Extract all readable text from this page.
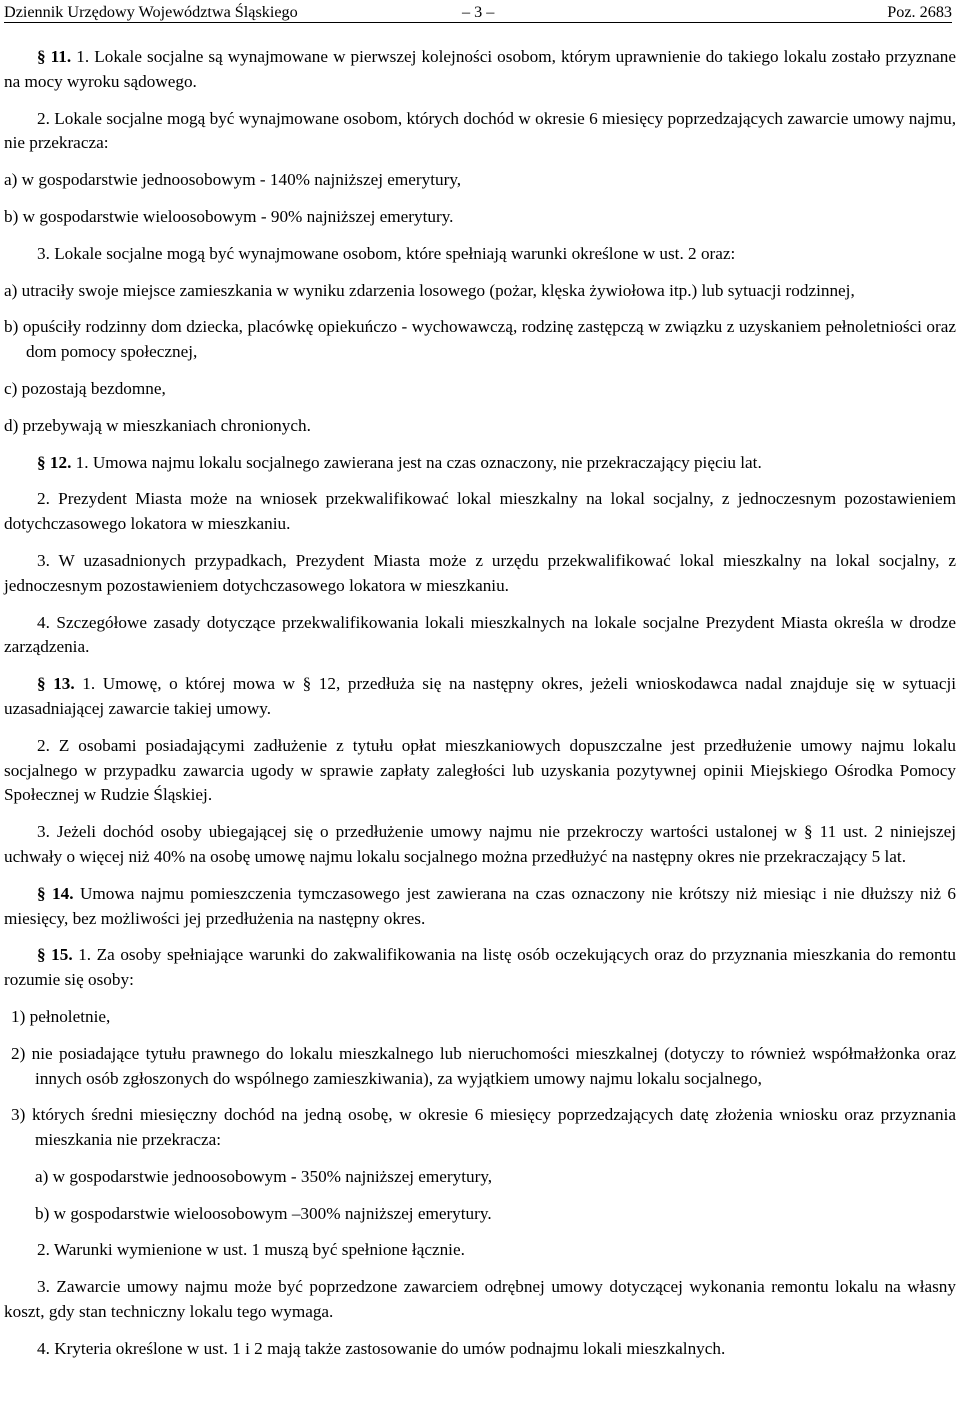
Dziennik Urzędowy Województwa Śląskiego	– 3 –	Poz. 2683

§ 11. 1. Lokale socjalne są wynajmowane w pierwszej kolejności osobom, którym uprawnienie do takiego lokalu zostało przyznane na mocy wyroku sądowego.

2. Lokale socjalne mogą być wynajmowane osobom, których dochód w okresie 6 miesięcy poprzedzających zawarcie umowy najmu, nie przekracza:

a) w gospodarstwie jednoosobowym - 140% najniższej emerytury,

b) w gospodarstwie wieloosobowym - 90% najniższej emerytury.

3. Lokale socjalne mogą być wynajmowane osobom, które spełniają warunki określone w ust. 2 oraz:

a) utraciły swoje miejsce zamieszkania w wyniku zdarzenia losowego (pożar, klęska żywiołowa itp.) lub sytuacji rodzinnej,

b) opuściły rodzinny dom dziecka, placówkę opiekuńczo - wychowawczą, rodzinę zastępczą w związku z uzyskaniem pełnoletniości oraz dom pomocy społecznej,

c) pozostają bezdomne,

d) przebywają w mieszkaniach chronionych.

§ 12. 1. Umowa najmu lokalu socjalnego zawierana jest na czas oznaczony, nie przekraczający pięciu lat.

2. Prezydent Miasta może na wniosek przekwalifikować lokal mieszkalny na lokal socjalny, z jednoczesnym pozostawieniem dotychczasowego lokatora w mieszkaniu.

3. W uzasadnionych przypadkach, Prezydent Miasta może z urzędu przekwalifikować lokal mieszkalny na lokal socjalny, z jednoczesnym pozostawieniem dotychczasowego lokatora w mieszkaniu.

4. Szczegółowe zasady dotyczące przekwalifikowania lokali mieszkalnych na lokale socjalne Prezydent Miasta określa w drodze zarządzenia.

§ 13. 1. Umowę, o której mowa w § 12, przedłuża się na następny okres, jeżeli wnioskodawca nadal znajduje się w sytuacji uzasadniającej zawarcie takiej umowy.

2. Z osobami posiadającymi zadłużenie z tytułu opłat mieszkaniowych dopuszczalne jest przedłużenie umowy najmu lokalu socjalnego w przypadku zawarcia ugody w sprawie zapłaty zaległości lub uzyskania pozytywnej opinii Miejskiego Ośrodka Pomocy Społecznej w Rudzie Śląskiej.

3. Jeżeli dochód osoby ubiegającej się o przedłużenie umowy najmu nie przekroczy wartości ustalonej w § 11 ust. 2 niniejszej uchwały o więcej niż 40% na osobę umowę najmu lokalu socjalnego można przedłużyć na następny okres nie przekraczający 5 lat.

§ 14. Umowa najmu pomieszczenia tymczasowego jest zawierana na czas oznaczony nie krótszy niż miesiąc i nie dłuższy niż 6 miesięcy, bez możliwości jej przedłużenia na następny okres.

§ 15. 1. Za osoby spełniające warunki do zakwalifikowania na listę osób oczekujących oraz do przyznania mieszkania do remontu rozumie się osoby:

1) pełnoletnie,

2) nie posiadające tytułu prawnego do lokalu mieszkalnego lub nieruchomości mieszkalnej (dotyczy to również współmałżonka oraz innych osób zgłoszonych do wspólnego zamieszkiwania), za wyjątkiem umowy najmu lokalu socjalnego,

3) których średni miesięczny dochód na jedną osobę, w okresie 6 miesięcy poprzedzających datę złożenia wniosku oraz przyznania mieszkania nie przekracza:

a) w gospodarstwie jednoosobowym - 350% najniższej emerytury,

b) w gospodarstwie wieloosobowym –300% najniższej emerytury.

2. Warunki wymienione w ust. 1 muszą być spełnione łącznie.

3. Zawarcie umowy najmu może być poprzedzone zawarciem odrębnej umowy dotyczącej wykonania remontu lokalu na własny koszt, gdy stan techniczny lokalu tego wymaga.

4. Kryteria określone w ust. 1 i 2 mają także zastosowanie do umów podnajmu lokali mieszkalnych.
